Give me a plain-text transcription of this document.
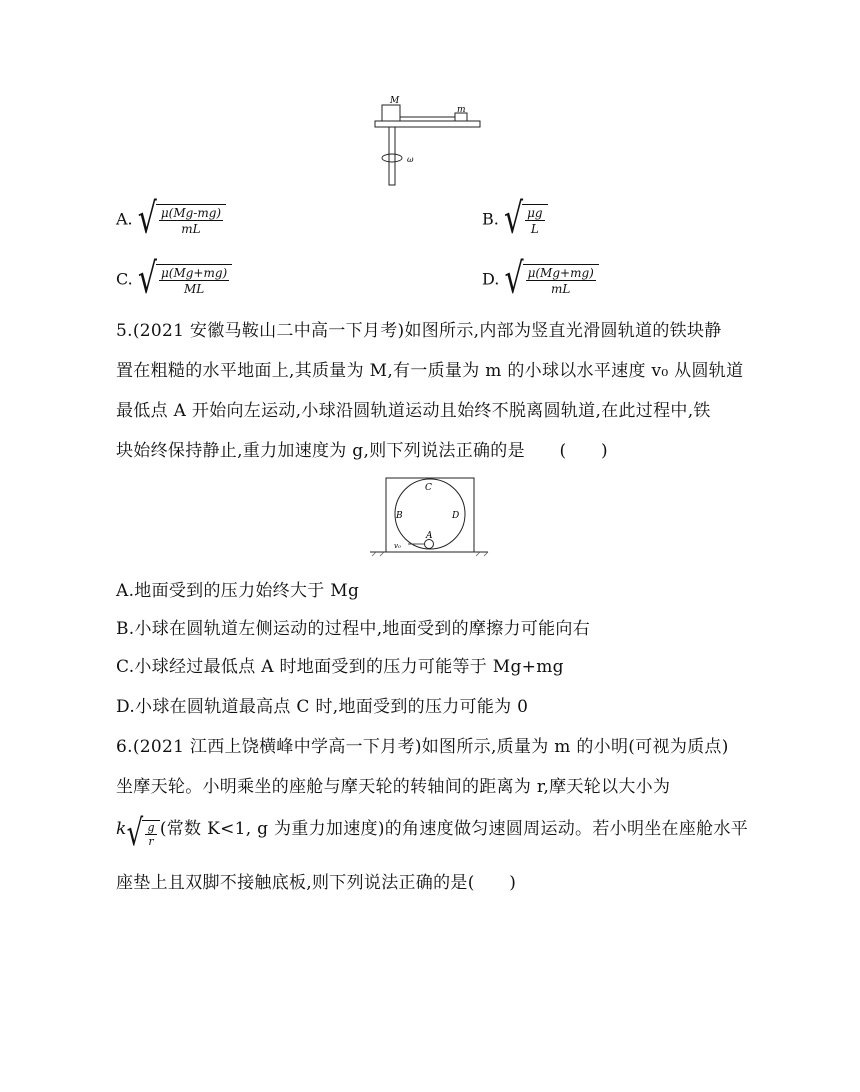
M
m
ω
A. √ $\frac{\mu(Mg-mg)}{mL}$	B. √ $\frac{\mu g}{L}$
C. √ $\frac{\mu(Mg+mg)}{ML}$	D. √ $\frac{\mu(Mg+mg)}{mL}$
5.(2021 安徽马鞍山二中高一下月考)如图所示,内部为竖直光滑圆轨道的铁块静
置在粗糙的水平地面上,其质量为 M,有一质量为 m 的小球以水平速度 v₀ 从圆轨道
最低点 A 开始向左运动,小球沿圆轨道运动且始终不脱离圆轨道,在此过程中,铁
块始终保持静止,重力加速度为 g,则下列说法正确的是　　(　　)
C
B	D
A
v₀
A.地面受到的压力始终大于 Mg
B.小球在圆轨道左侧运动的过程中,地面受到的摩擦力可能向右
C.小球经过最低点 A 时地面受到的压力可能等于 Mg+mg
D.小球在圆轨道最高点 C 时,地面受到的压力可能为 0
6.(2021 江西上饶横峰中学高一下月考)如图所示,质量为 m 的小明(可视为质点)
坐摩天轮。小明乘坐的座舱与摩天轮的转轴间的距离为 r,摩天轮以大小为
k √ $\frac{g}{r}$ (常数 K<1, g 为重力加速度)的角速度做匀速圆周运动。若小明坐在座舱水平
座垫上且双脚不接触底板,则下列说法正确的是(　　)
